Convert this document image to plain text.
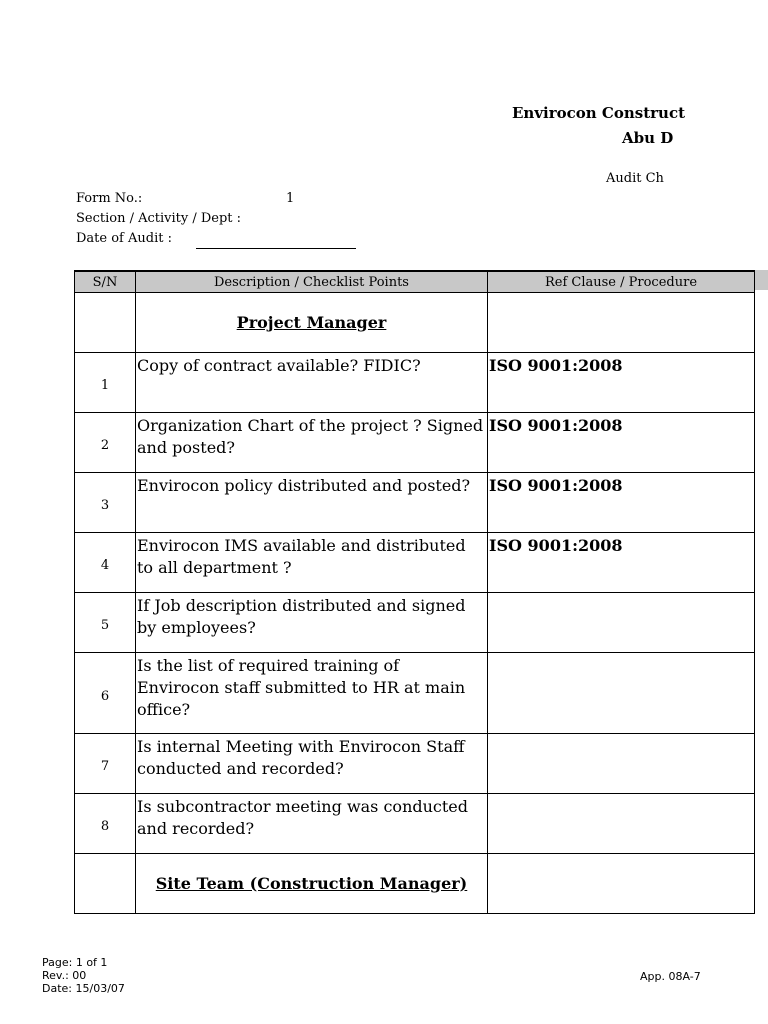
Envirocon Construct
Abu D
Audit Ch
Form No.:	1
Section / Activity / Dept :
Date of Audit :
S/N	Description / Checklist Points	Ref Clause / Procedure
	Project Manager	
1	Copy of contract available? FIDIC?	ISO 9001:2008
2	Organization Chart of the project ? Signed and posted?	ISO 9001:2008
3	Envirocon policy distributed and posted?	ISO 9001:2008
4	Envirocon IMS available and distributed to all department ?	ISO 9001:2008
5	If Job description distributed and signed by employees?	
6	Is the list of required training of Envirocon staff submitted to HR at main office?	
7	Is internal Meeting with Envirocon Staff conducted and recorded?	
8	Is subcontractor meeting was conducted and recorded?	
	Site Team (Construction Manager)	
Page: 1 of 1
Rev.: 00
Date: 15/03/07
App. 08A-7
